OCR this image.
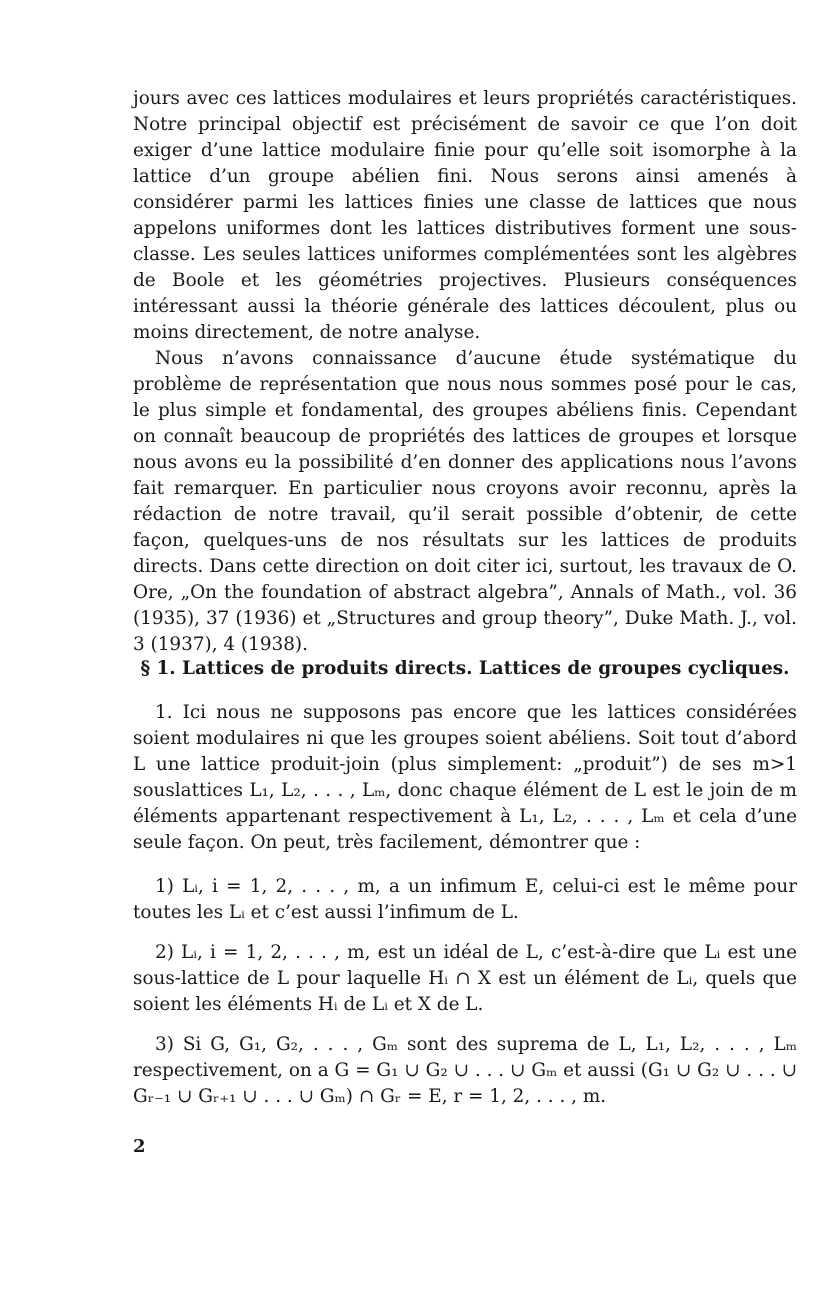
jours avec ces lattices modulaires et leurs propriétés caractéristiques. Notre principal objectif est précisément de savoir ce que l’on doit exiger d’une lattice modulaire finie pour qu’elle soit isomorphe à la lattice d’un groupe abélien fini. Nous serons ainsi amenés à considérer parmi les lattices finies une classe de lattices que nous appelons uniformes dont les lattices distributives forment une sous-classe. Les seules lattices uniformes complémentées sont les algèbres de Boole et les géométries projectives. Plusieurs conséquences intéressant aussi la théorie générale des lattices découlent, plus ou moins directement, de notre analyse.

Nous n’avons connaissance d’aucune étude systématique du problème de représentation que nous nous sommes posé pour le cas, le plus simple et fondamental, des groupes abéliens finis. Cependant on connaît beaucoup de propriétés des lattices de groupes et lorsque nous avons eu la possibilité d’en donner des applications nous l’avons fait remarquer. En particulier nous croyons avoir reconnu, après la rédaction de notre travail, qu’il serait possible d’obtenir, de cette façon, quelques-uns de nos résultats sur les lattices de produits directs. Dans cette direction on doit citer ici, surtout, les travaux de O. Ore, „On the foundation of abstract algebra”, Annals of Math., vol. 36 (1935), 37 (1936) et „Structures and group theory”, Duke Math. J., vol. 3 (1937), 4 (1938).

§ 1. Lattices de produits directs. Lattices de groupes cycliques.

1. Ici nous ne supposons pas encore que les lattices considérées soient modulaires ni que les groupes soient abéliens. Soit tout d’abord L une lattice produit-join (plus simplement: „produit”) de ses m>1 souslattices L₁, L₂, . . . , Lₘ, donc chaque élément de L est le join de m éléments appartenant respectivement à L₁, L₂, . . . , Lₘ et cela d’une seule façon. On peut, très facilement, démontrer que :

1) Lᵢ, i = 1, 2, . . . , m, a un infimum E, celui-ci est le même pour toutes les Lᵢ et c’est aussi l’infimum de L.

2) Lᵢ, i = 1, 2, . . . , m, est un idéal de L, c’est-à-dire que Lᵢ est une sous-lattice de L pour laquelle Hᵢ ∩ X est un élément de Lᵢ, quels que soient les éléments Hᵢ de Lᵢ et X de L.

3) Si G, G₁, G₂, . . . , Gₘ sont des suprema de L, L₁, L₂, . . . , Lₘ respectivement, on a G = G₁ ∪ G₂ ∪ . . . ∪ Gₘ et aussi (G₁ ∪ G₂ ∪ . . . ∪ Gᵣ₋₁ ∪ Gᵣ₊₁ ∪ . . . ∪ Gₘ) ∩ Gᵣ = E, r = 1, 2, . . . , m.

2
